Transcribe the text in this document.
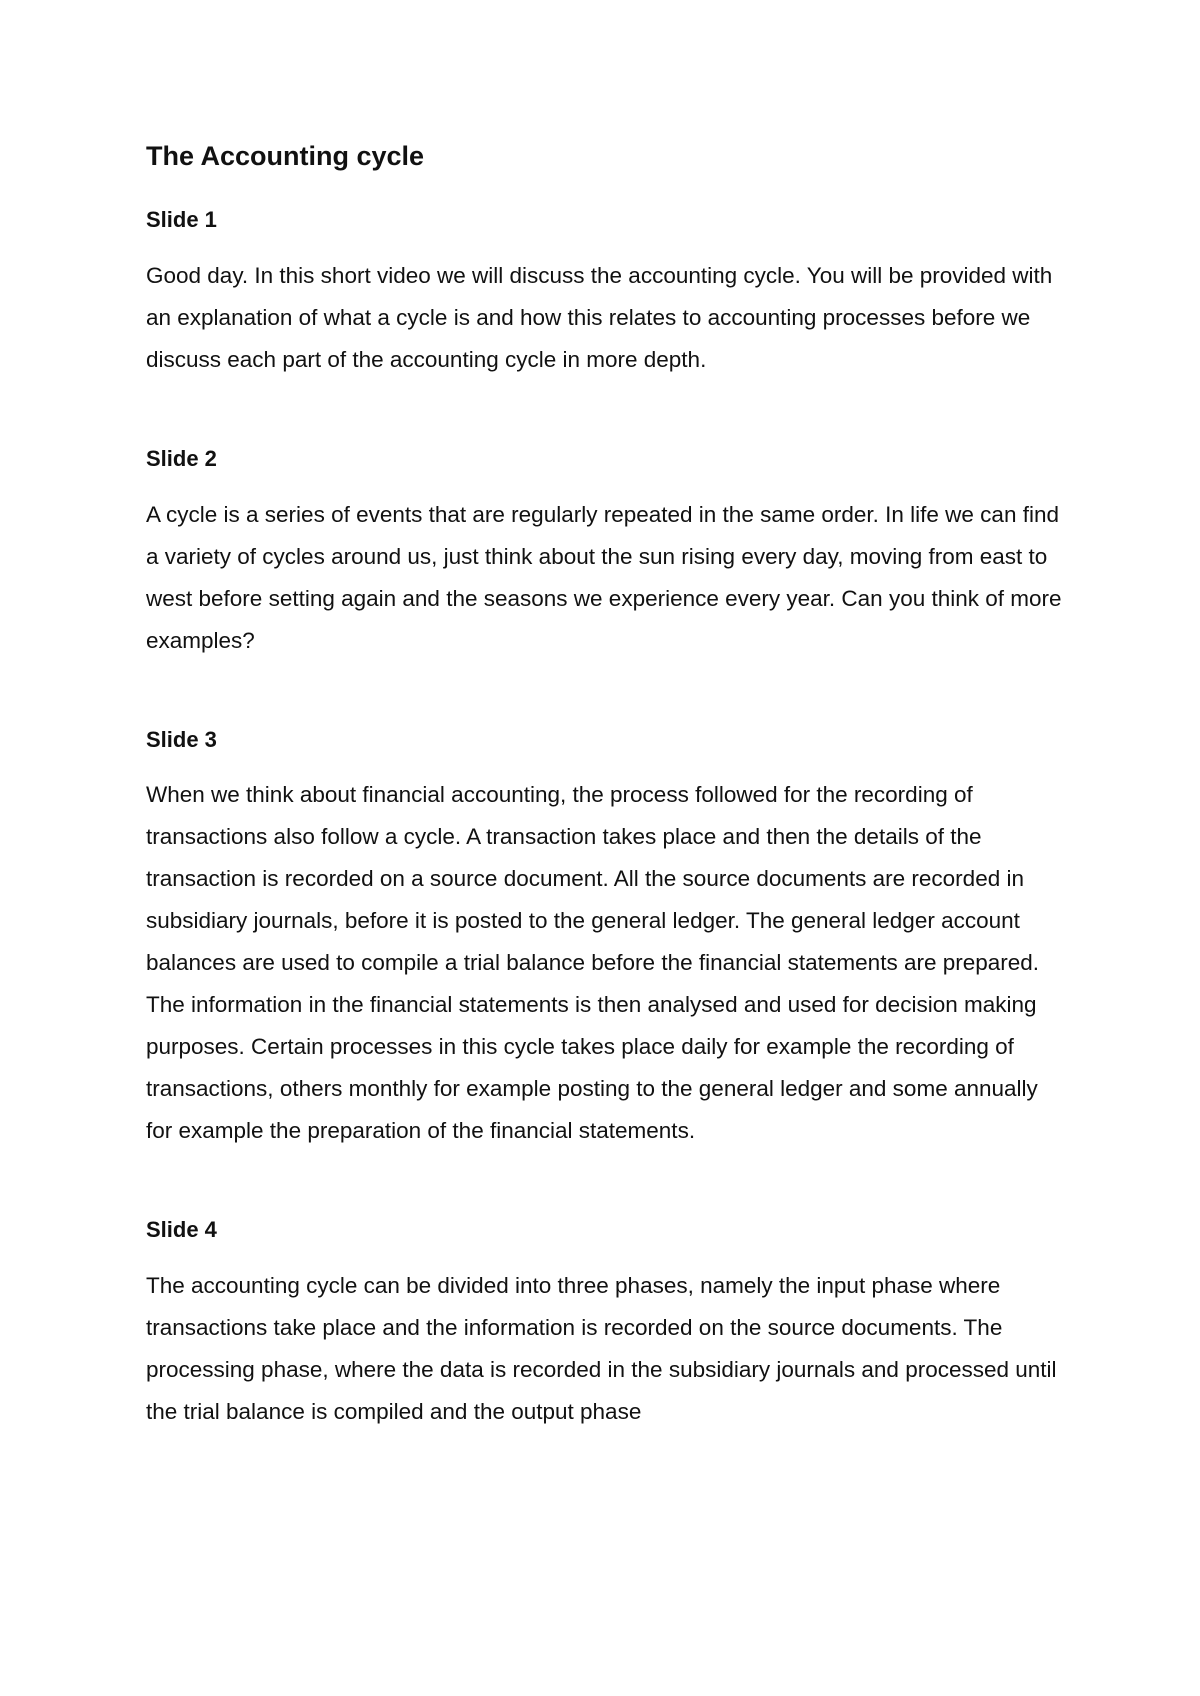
The Accounting cycle
Slide 1

Good day. In this short video we will discuss the accounting cycle. You will be provided with an explanation of what a cycle is and how this relates to accounting processes before we discuss each part of the accounting cycle in more depth.

Slide 2

A cycle is a series of events that are regularly repeated in the same order. In life we can find a variety of cycles around us, just think about the sun rising every day, moving from east to west before setting again and the seasons we experience every year. Can you think of more examples?

Slide 3

When we think about financial accounting, the process followed for the recording of transactions also follow a cycle. A transaction takes place and then the details of the transaction is recorded on a source document. All the source documents are recorded in subsidiary journals, before it is posted to the general ledger. The general ledger account balances are used to compile a trial balance before the financial statements are prepared. The information in the financial statements is then analysed and used for decision making purposes. Certain processes in this cycle takes place daily for example the recording of transactions, others monthly for example posting to the general ledger and some annually for example the preparation of the financial statements.

Slide 4

The accounting cycle can be divided into three phases, namely the input phase where transactions take place and the information is recorded on the source documents. The processing phase, where the data is recorded in the subsidiary journals and processed until the trial balance is compiled and the output phase
